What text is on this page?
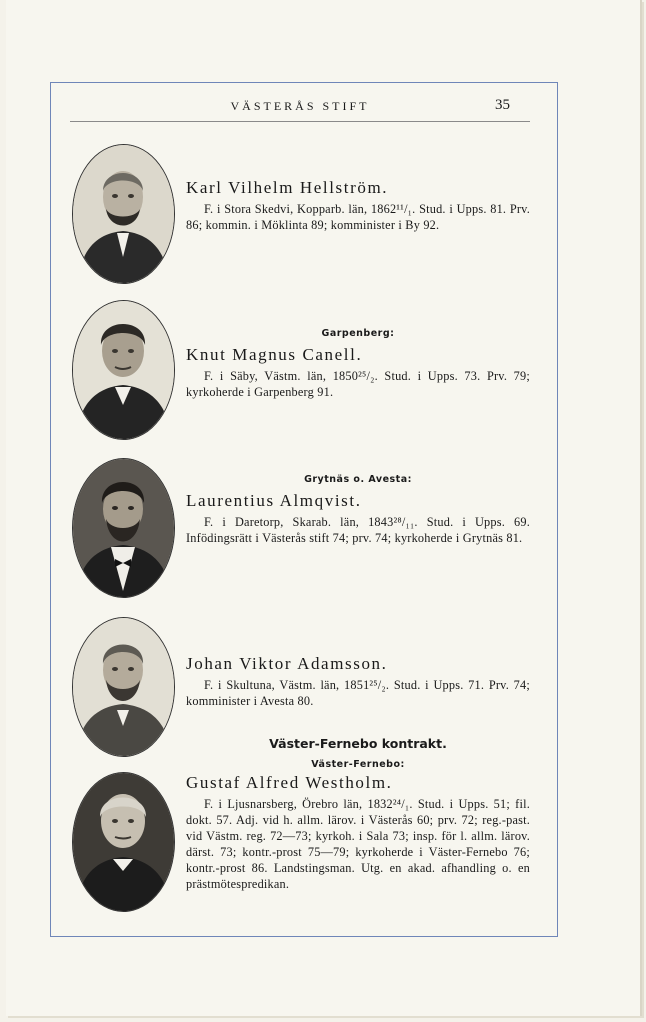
VÄSTERÅS STIFT	35

Karl Vilhelm Hellström.

F. i Stora Skedvi, Kopparb. län, 1862¹¹/₁. Stud. i Upps. 81. Prv. 86; kommin. i Möklinta 89; komminister i By 92.

Garpenberg:

Knut Magnus Canell.

F. i Säby, Västm. län, 1850²⁵/₂. Stud. i Upps. 73. Prv. 79; kyrkoherde i Garpenberg 91.

Grytnäs o. Avesta:

Laurentius Almqvist.

F. i Daretorp, Skarab. län, 1843²⁸/₁₁. Stud. i Upps. 69. Infödingsrätt i Västerås stift 74; prv. 74; kyrkoherde i Grytnäs 81.

Johan Viktor Adamsson.

F. i Skultuna, Västm. län, 1851²⁵/₂. Stud. i Upps. 71. Prv. 74; komminister i Avesta 80.

Väster-Fernebo kontrakt.
Väster-Fernebo:

Gustaf Alfred Westholm.

F. i Ljusnarsberg, Örebro län, 1832²⁴/₁. Stud. i Upps. 51; fil. dokt. 57. Adj. vid h. allm. lärov. i Västerås 60; prv. 72; reg.-past. vid Västm. reg. 72—73; kyrkoh. i Sala 73; insp. för l. allm. lärov. därst. 73; kontr.-prost 75—79; kyrkoherde i Väster-Fernebo 76; kontr.-prost 86. Landstingsman. Utg. en akad. afhandling o. en prästmötespredikan.
